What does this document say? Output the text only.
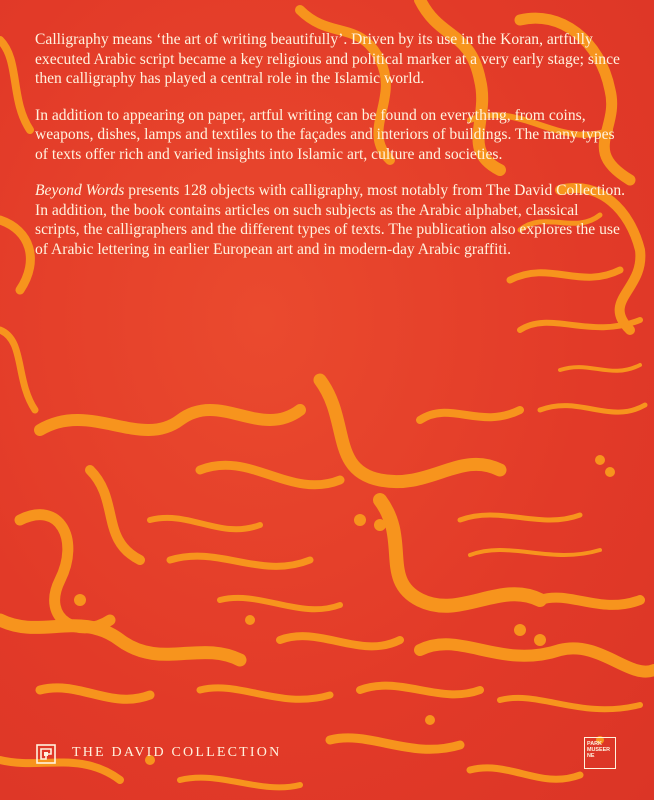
Calligraphy means ‘the art of writing beautifully’. Driven by its use in the Koran, artfully executed Arabic script became a key religious and political marker at a very early stage; since then calligraphy has played a central role in the Islamic world.

In addition to appearing on paper, artful writing can be found on everything, from coins, weapons, dishes, lamps and textiles to the façades and interiors of buildings. The many types of texts offer rich and varied insights into Islamic art, culture and societies.

Beyond Words presents 128 objects with calligraphy, most notably from The David Collection. In addition, the book contains articles on such subjects as the Arabic alphabet, classical scripts, the calligraphers and the different types of texts. The publication also explores the use of Arabic lettering in earlier European art and in modern-day Arabic graffiti.

THE DAVID COLLECTION
PARK
MUSEER
NE
